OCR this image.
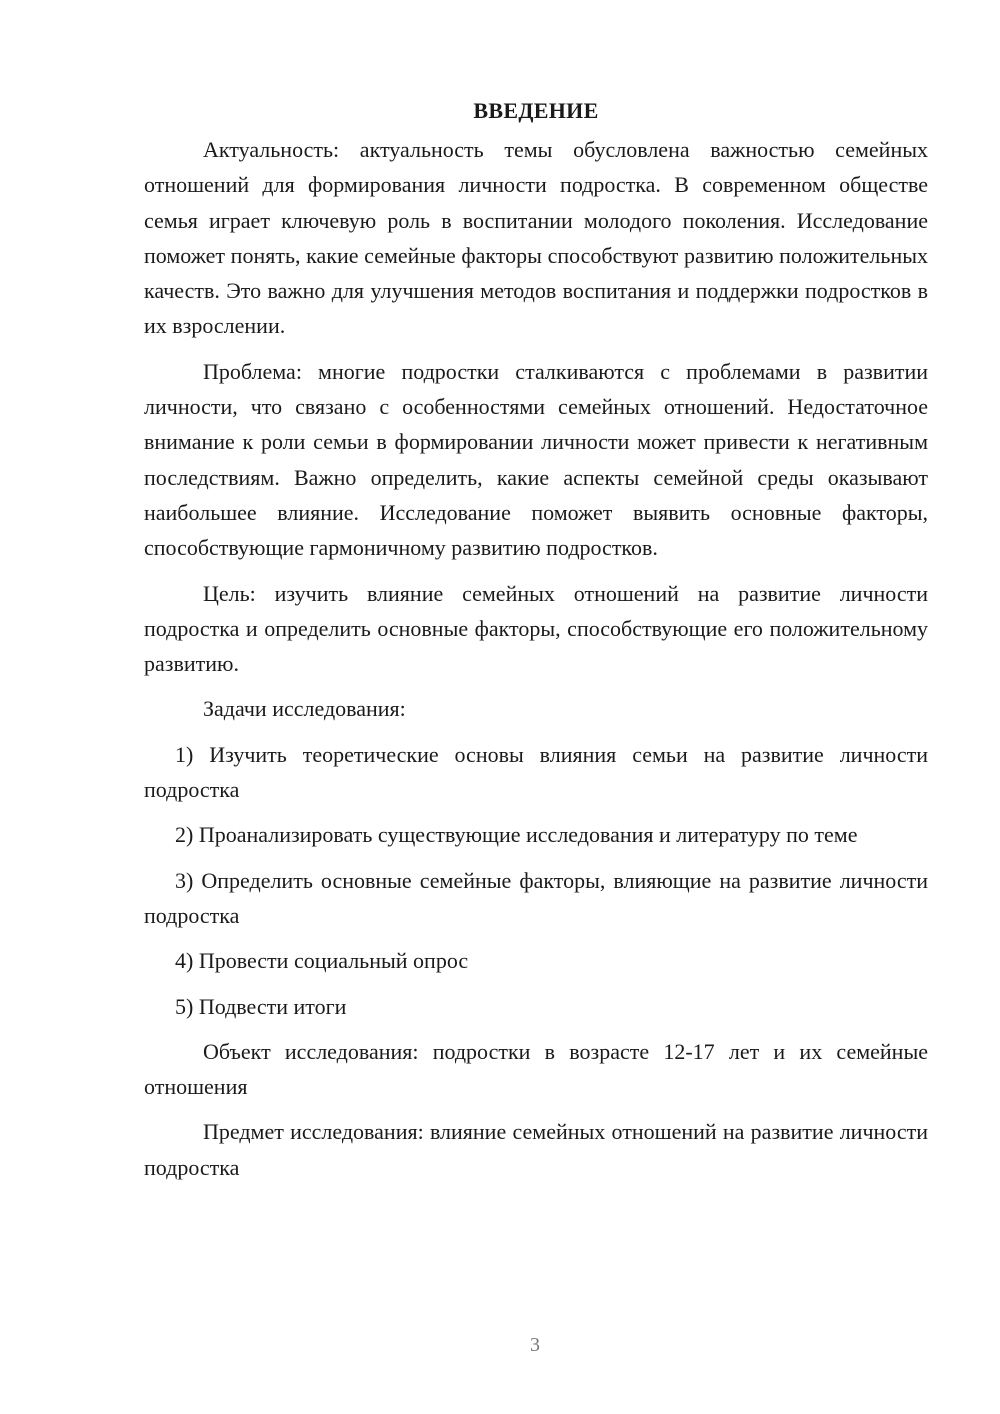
ВВЕДЕНИЕ

Актуальность: актуальность темы обусловлена важностью семейных отношений для формирования личности подростка. В современном обществе семья играет ключевую роль в воспитании молодого поколения. Исследование поможет понять, какие семейные факторы способствуют развитию положительных качеств. Это важно для улучшения методов воспитания и поддержки подростков в их взрослении.

Проблема: многие подростки сталкиваются с проблемами в развитии личности, что связано с особенностями семейных отношений. Недостаточное внимание к роли семьи в формировании личности может привести к негативным последствиям. Важно определить, какие аспекты семейной среды оказывают наибольшее влияние. Исследование поможет выявить основные факторы, способствующие гармоничному развитию подростков.

Цель: изучить влияние семейных отношений на развитие личности подростка и определить основные факторы, способствующие его положительному развитию.

Задачи исследования:

1) Изучить теоретические основы влияния семьи на развитие личности подростка

2) Проанализировать существующие исследования и литературу по теме

3) Определить основные семейные факторы, влияющие на развитие личности подростка

4) Провести социальный опрос

5) Подвести итоги

Объект исследования: подростки в возрасте 12-17 лет и их семейные отношения

Предмет исследования: влияние семейных отношений на развитие личности подростка

3
